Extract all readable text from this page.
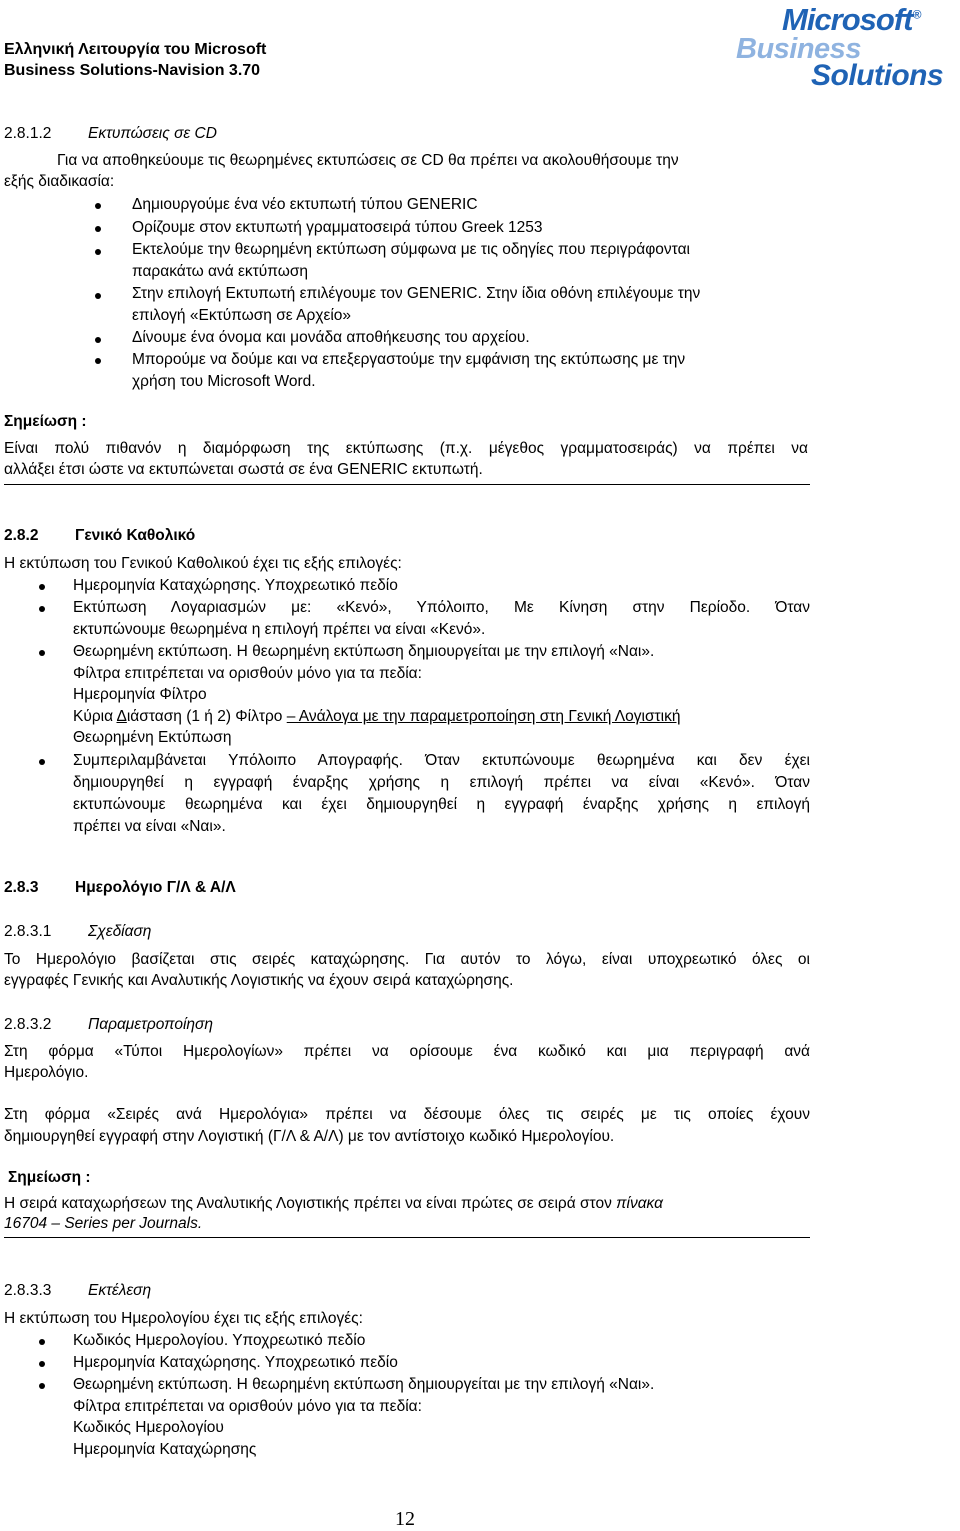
Ελληνική Λειτουργία του Microsoft
Business Solutions-Navision 3.70
Microsoft®
Business
Solutions
2.8.1.2 Εκτυπώσεις σε CD
Για να αποθηκεύουμε τις θεωρημένες εκτυπώσεις σε CD θα πρέπει να ακολουθήσουμε την
εξής διαδικασία:
Δημιουργούμε ένα νέο εκτυπωτή τύπου GENERIC
Ορίζουμε στον εκτυπωτή γραμματοσειρά τύπου Greek 1253
Εκτελούμε την θεωρημένη εκτύπωση σύμφωνα με τις οδηγίες που περιγράφονται
παρακάτω ανά εκτύπωση
Στην επιλογή Εκτυπωτή επιλέγουμε τον GENERIC. Στην ίδια οθόνη επιλέγουμε την
επιλογή «Εκτύπωση σε Αρχείο»
Δίνουμε ένα όνομα και μονάδα αποθήκευσης του αρχείου.
Μπορούμε να δούμε και να επεξεργαστούμε την εμφάνιση της εκτύπωσης με την
χρήση του Microsoft Word.
Σημείωση :
Είναι πολύ πιθανόν η διαμόρφωση της εκτύπωσης (π.χ. μέγεθος γραμματοσειράς) να πρέπει να
αλλάξει έτσι ώστε να εκτυπώνεται σωστά σε ένα GENERIC εκτυπωτή.
2.8.2 Γενικό Καθολικό
Η εκτύπωση του Γενικού Καθολικού έχει τις εξής επιλογές:
Ημερομηνία Καταχώρησης. Υποχρεωτικό πεδίο
Εκτύπωση Λογαριασμών με: «Κενό», Υπόλοιπο, Με Κίνηση στην Περίοδο. Όταν
εκτυπώνουμε θεωρημένα η επιλογή πρέπει να είναι «Κενό».
Θεωρημένη εκτύπωση. Η θεωρημένη εκτύπωση δημιουργείται με την επιλογή «Ναι».
Φίλτρα επιτρέπεται να ορισθούν μόνο για τα πεδία:
Ημερομηνία Φίλτρο
Κύρια Διάσταση (1 ή 2) Φίλτρο – Ανάλογα με την παραμετροποίηση στη Γενική Λογιστική
Θεωρημένη Εκτύπωση
Συμπεριλαμβάνεται Υπόλοιπο Απογραφής. Όταν εκτυπώνουμε θεωρημένα και δεν έχει
δημιουργηθεί η εγγραφή έναρξης χρήσης η επιλογή πρέπει να είναι «Κενό». Όταν
εκτυπώνουμε θεωρημένα και έχει δημιουργηθεί η εγγραφή έναρξης χρήσης η επιλογή
πρέπει να είναι «Ναι».
2.8.3 Ημερολόγιο Γ/Λ & Α/Λ
2.8.3.1 Σχεδίαση
Το Ημερολόγιο βασίζεται στις σειρές καταχώρησης. Για αυτόν το λόγω, είναι υποχρεωτικό όλες οι
εγγραφές Γενικής και Αναλυτικής Λογιστικής να έχουν σειρά καταχώρησης.
2.8.3.2 Παραμετροποίηση
Στη φόρμα «Τύποι Ημερολογίων» πρέπει να ορίσουμε ένα κωδικό και μια περιγραφή ανά
Ημερολόγιο.
Στη φόρμα «Σειρές ανά Ημερολόγια» πρέπει να δέσουμε όλες τις σειρές με τις οποίες έχουν
δημιουργηθεί εγγραφή στην Λογιστική (Γ/Λ & Α/Λ) με τον αντίστοιχο κωδικό Ημερολογίου.
Σημείωση :
Η σειρά καταχωρήσεων της Αναλυτικής Λογιστικής πρέπει να είναι πρώτες σε σειρά στον πίνακα
16704 – Series per Journals.
2.8.3.3 Εκτέλεση
Η εκτύπωση του Ημερολογίου έχει τις εξής επιλογές:
Κωδικός Ημερολογίου. Υποχρεωτικό πεδίο
Ημερομηνία Καταχώρησης. Υποχρεωτικό πεδίο
Θεωρημένη εκτύπωση. Η θεωρημένη εκτύπωση δημιουργείται με την επιλογή «Ναι».
Φίλτρα επιτρέπεται να ορισθούν μόνο για τα πεδία:
Κωδικός Ημερολογίου
Ημερομηνία Καταχώρησης
12
